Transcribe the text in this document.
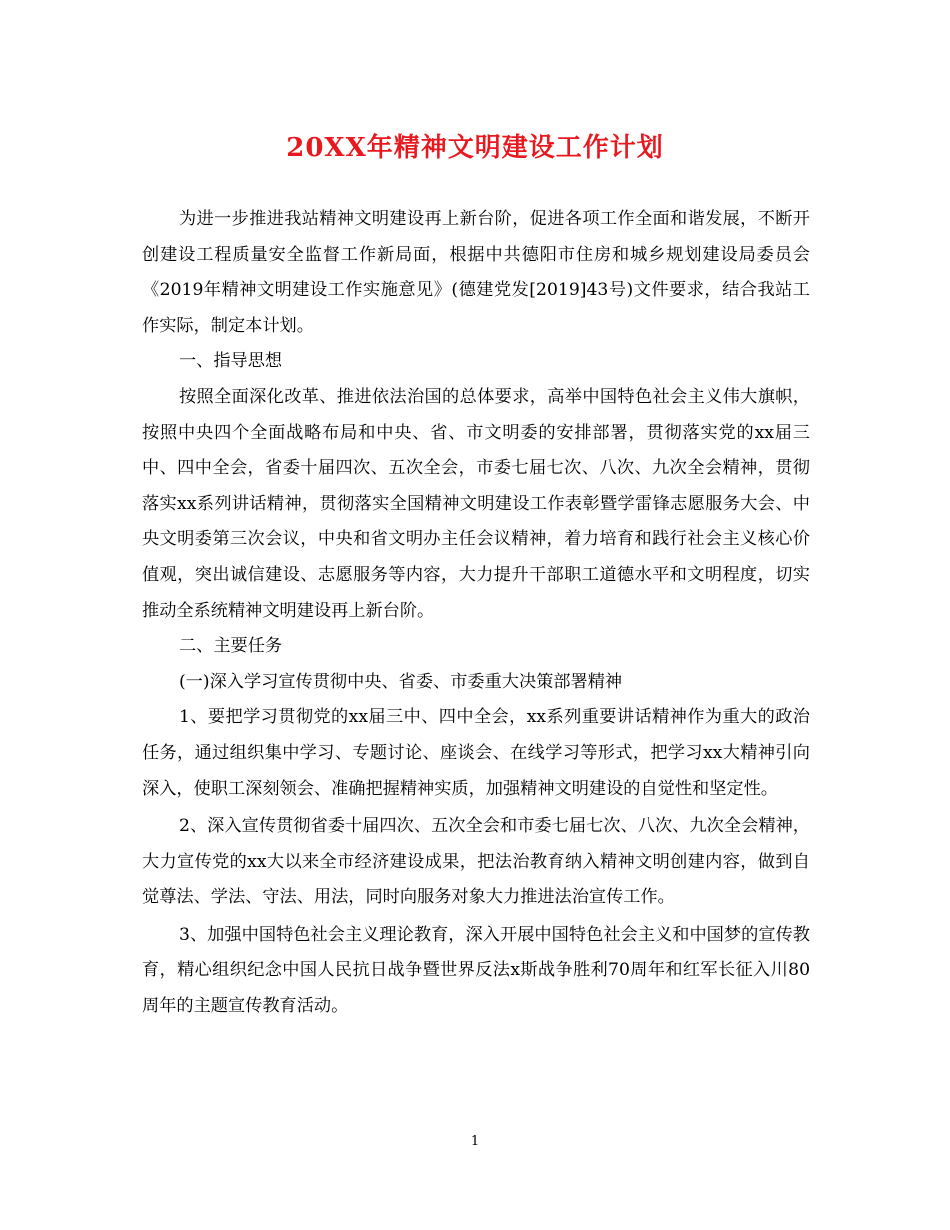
20XX年精神文明建设工作计划

为进一步推进我站精神文明建设再上新台阶，促进各项工作全面和谐发展，不断开创建设工程质量安全监督工作新局面，根据中共德阳市住房和城乡规划建设局委员会《2019年精神文明建设工作实施意见》(德建党发[2019]43号)文件要求，结合我站工作实际，制定本计划。

一、指导思想

按照全面深化改革、推进依法治国的总体要求，高举中国特色社会主义伟大旗帜，按照中央四个全面战略布局和中央、省、市文明委的安排部署，贯彻落实党的xx届三中、四中全会，省委十届四次、五次全会，市委七届七次、八次、九次全会精神，贯彻落实xx系列讲话精神，贯彻落实全国精神文明建设工作表彰暨学雷锋志愿服务大会、中央文明委第三次会议，中央和省文明办主任会议精神，着力培育和践行社会主义核心价值观，突出诚信建设、志愿服务等内容，大力提升干部职工道德水平和文明程度，切实推动全系统精神文明建设再上新台阶。

二、主要任务

(一)深入学习宣传贯彻中央、省委、市委重大决策部署精神

1、要把学习贯彻党的xx届三中、四中全会，xx系列重要讲话精神作为重大的政治任务，通过组织集中学习、专题讨论、座谈会、在线学习等形式，把学习xx大精神引向深入，使职工深刻领会、准确把握精神实质，加强精神文明建设的自觉性和坚定性。

2、深入宣传贯彻省委十届四次、五次全会和市委七届七次、八次、九次全会精神，大力宣传党的xx大以来全市经济建设成果，把法治教育纳入精神文明创建内容，做到自觉尊法、学法、守法、用法，同时向服务对象大力推进法治宣传工作。

3、加强中国特色社会主义理论教育，深入开展中国特色社会主义和中国梦的宣传教育，精心组织纪念中国人民抗日战争暨世界反法x斯战争胜利70周年和红军长征入川80周年的主题宣传教育活动。

1
